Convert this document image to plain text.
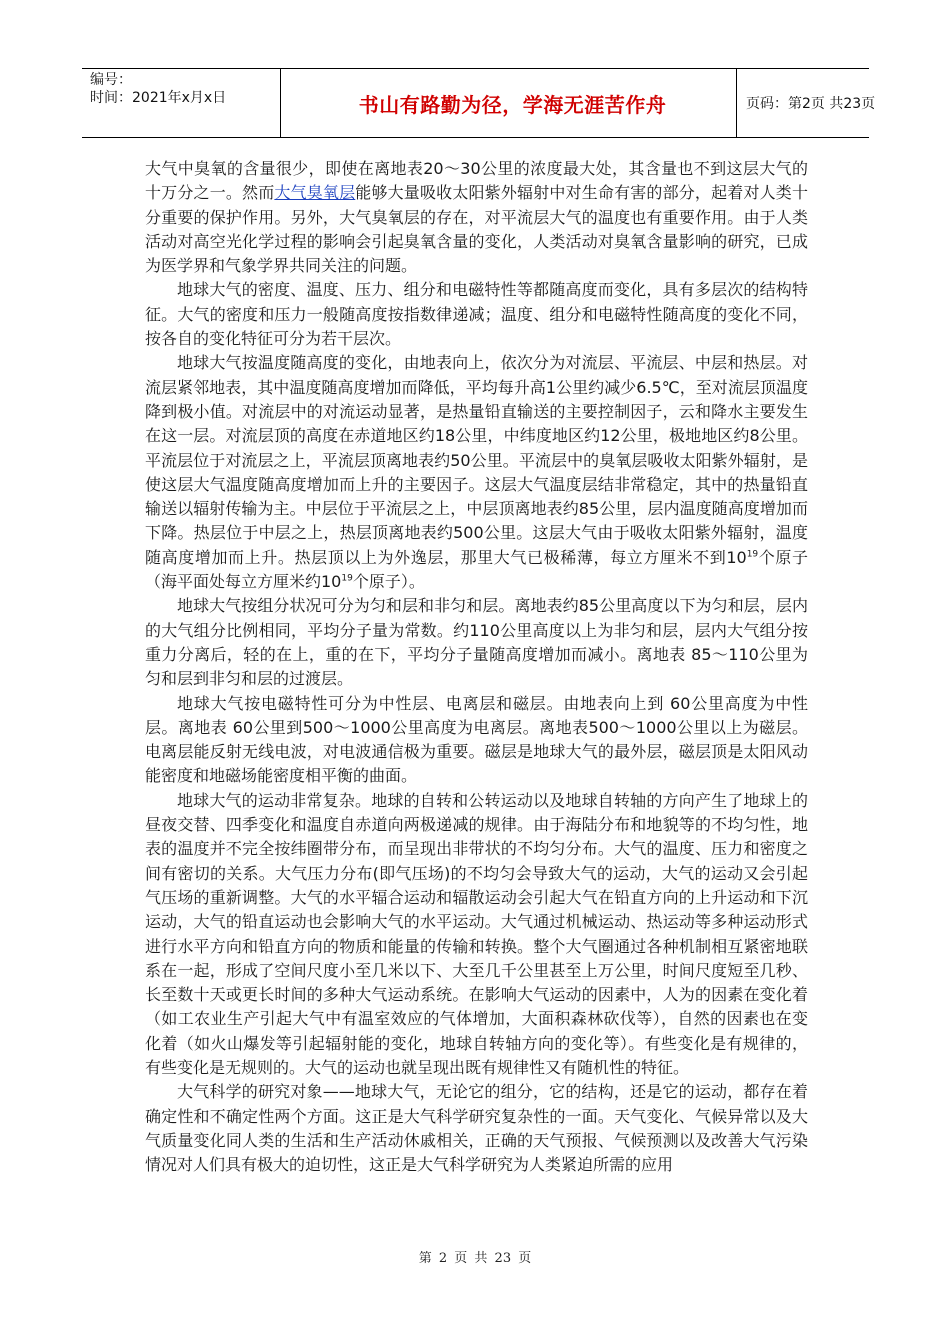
编号：
时间：2021年x月x日	书山有路勤为径，学海无涯苦作舟	页码：第2页 共23页

大气中臭氧的含量很少，即使在离地表20～30公里的浓度最大处，其含量也不到这层大气的十万分之一。然而大气臭氧层能够大量吸收太阳紫外辐射中对生命有害的部分，起着对人类十分重要的保护作用。另外，大气臭氧层的存在，对平流层大气的温度也有重要作用。由于人类活动对高空光化学过程的影响会引起臭氧含量的变化，人类活动对臭氧含量影响的研究，已成为医学界和气象学界共同关注的问题。

地球大气的密度、温度、压力、组分和电磁特性等都随高度而变化，具有多层次的结构特征。大气的密度和压力一般随高度按指数律递减；温度、组分和电磁特性随高度的变化不同，按各自的变化特征可分为若干层次。

地球大气按温度随高度的变化，由地表向上，依次分为对流层、平流层、中层和热层。对流层紧邻地表，其中温度随高度增加而降低，平均每升高1公里约减少6.5℃，至对流层顶温度降到极小值。对流层中的对流运动显著，是热量铅直输送的主要控制因子，云和降水主要发生在这一层。对流层顶的高度在赤道地区约18公里，中纬度地区约12公里，极地地区约8公里。平流层位于对流层之上，平流层顶离地表约50公里。平流层中的臭氧层吸收太阳紫外辐射，是使这层大气温度随高度增加而上升的主要因子。这层大气温度层结非常稳定，其中的热量铅直输送以辐射传输为主。中层位于平流层之上，中层顶离地表约85公里，层内温度随高度增加而下降。热层位于中层之上，热层顶离地表约500公里。这层大气由于吸收太阳紫外辐射，温度随高度增加而上升。热层顶以上为外逸层，那里大气已极稀薄，每立方厘米不到$10^{19}$个原子（海平面处每立方厘米约$10^{19}$个原子）。

地球大气按组分状况可分为匀和层和非匀和层。离地表约85公里高度以下为匀和层，层内的大气组分比例相同，平均分子量为常数。约110公里高度以上为非匀和层，层内大气组分按重力分离后，轻的在上，重的在下，平均分子量随高度增加而减小。离地表 85～110公里为匀和层到非匀和层的过渡层。

地球大气按电磁特性可分为中性层、电离层和磁层。由地表向上到 60公里高度为中性层。离地表 60公里到500～1000公里高度为电离层。离地表500～1000公里以上为磁层。电离层能反射无线电波，对电波通信极为重要。磁层是地球大气的最外层，磁层顶是太阳风动能密度和地磁场能密度相平衡的曲面。

地球大气的运动非常复杂。地球的自转和公转运动以及地球自转轴的方向产生了地球上的昼夜交替、四季变化和温度自赤道向两极递减的规律。由于海陆分布和地貌等的不均匀性，地表的温度并不完全按纬圈带分布，而呈现出非带状的不均匀分布。大气的温度、压力和密度之间有密切的关系。大气压力分布(即气压场)的不均匀会导致大气的运动，大气的运动又会引起气压场的重新调整。大气的水平辐合运动和辐散运动会引起大气在铅直方向的上升运动和下沉运动，大气的铅直运动也会影响大气的水平运动。大气通过机械运动、热运动等多种运动形式进行水平方向和铅直方向的物质和能量的传输和转换。整个大气圈通过各种机制相互紧密地联系在一起，形成了空间尺度小至几米以下、大至几千公里甚至上万公里，时间尺度短至几秒、长至数十天或更长时间的多种大气运动系统。在影响大气运动的因素中，人为的因素在变化着（如工农业生产引起大气中有温室效应的气体增加，大面积森林砍伐等），自然的因素也在变化着（如火山爆发等引起辐射能的变化，地球自转轴方向的变化等）。有些变化是有规律的，有些变化是无规则的。大气的运动也就呈现出既有规律性又有随机性的特征。

大气科学的研究对象——地球大气，无论它的组分，它的结构，还是它的运动，都存在着确定性和不确定性两个方面。这正是大气科学研究复杂性的一面。天气变化、气候异常以及大气质量变化同人类的生活和生产活动休戚相关，正确的天气预报、气候预测以及改善大气污染情况对人们具有极大的迫切性，这正是大气科学研究为人类紧迫所需的应用

第 2 页 共 23 页
